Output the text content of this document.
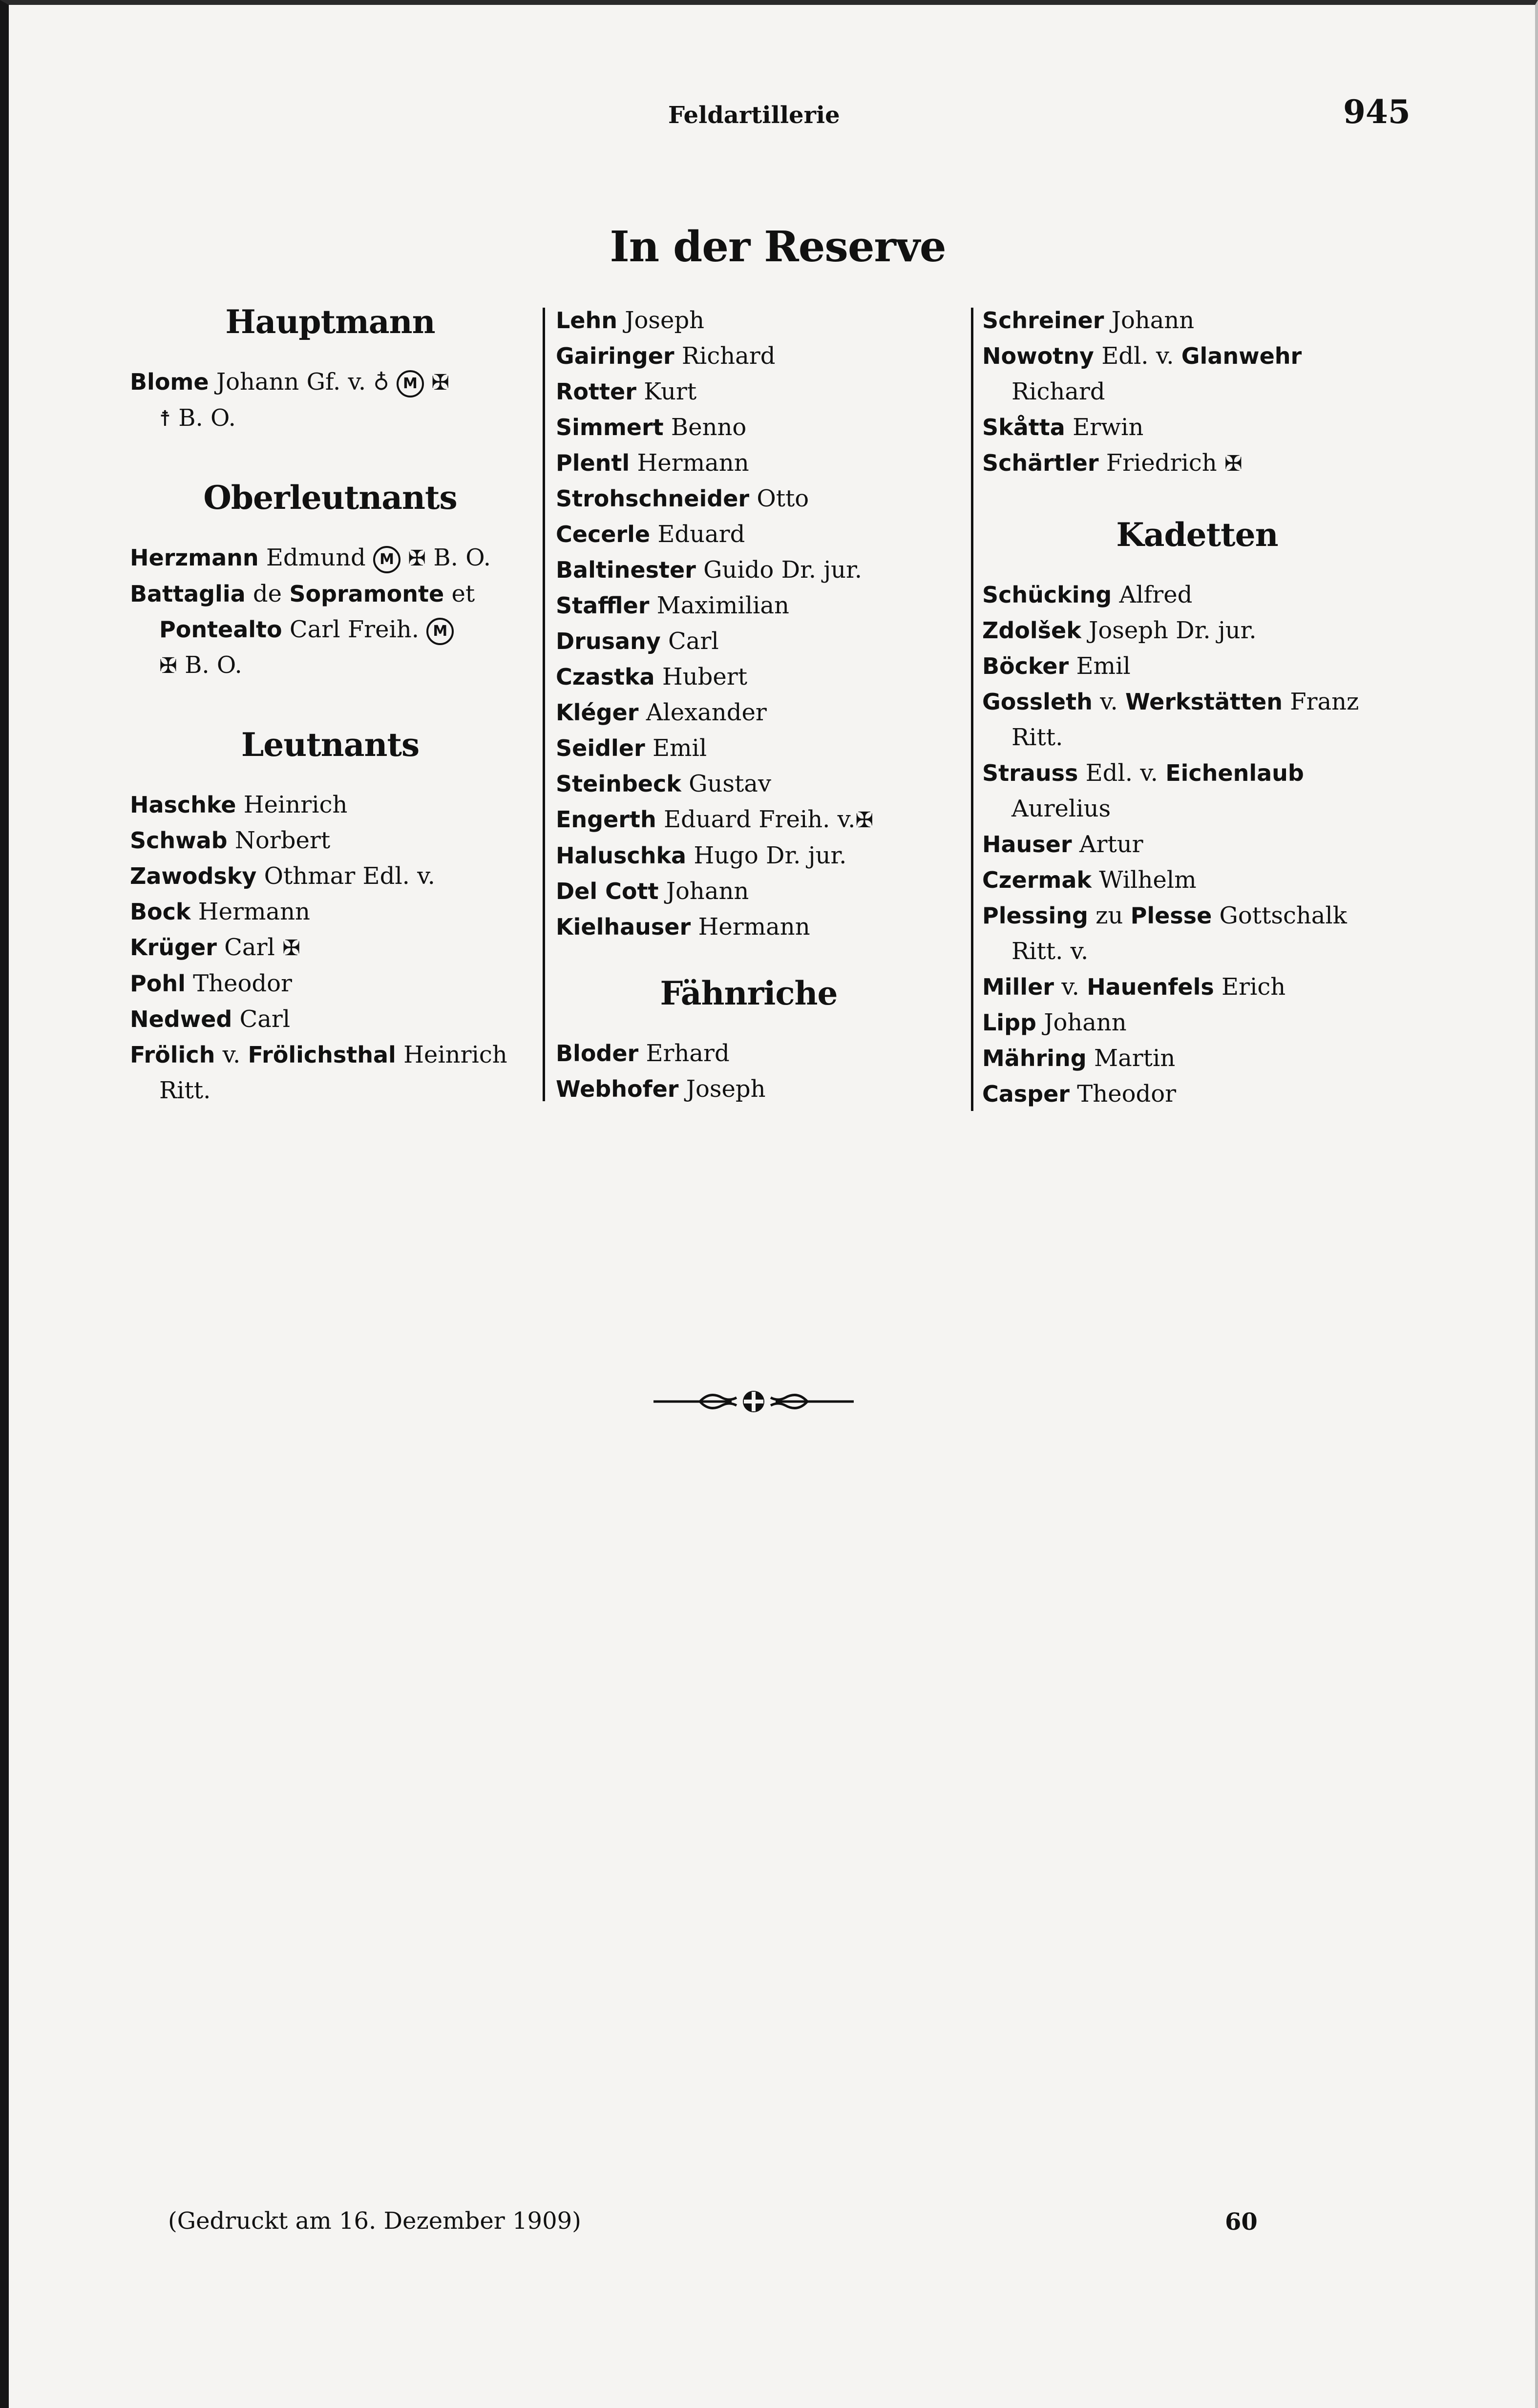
Feldartillerie	945
In der Reserve
Hauptmann
Blome Johann Gf. v. ♁ M ✠
☨ B. O.
Oberleutnants
Herzmann Edmund M ✠ B. O.
Battaglia de Sopramonte et
Pontealto Carl Freih. M
✠ B. O.
Leutnants
Haschke Heinrich
Schwab Norbert
Zawodsky Othmar Edl. v.
Bock Hermann
Krüger Carl ✠
Pohl Theodor
Nedwed Carl
Frölich v. Frölichsthal Heinrich
Ritt.
Lehn Joseph
Gairinger Richard
Rotter Kurt
Simmert Benno
Plentl Hermann
Strohschneider Otto
Cecerle Eduard
Baltinester Guido Dr. jur.
Staffler Maximilian
Drusany Carl
Czastka Hubert
Kléger Alexander
Seidler Emil
Steinbeck Gustav
Engerth Eduard Freih. v.✠
Haluschka Hugo Dr. jur.
Del Cott Johann
Kielhauser Hermann
Fähnriche
Bloder Erhard
Webhofer Joseph
Schreiner Johann
Nowotny Edl. v. Glanwehr
Richard
Skåtta Erwin
Schärtler Friedrich ✠
Kadetten
Schücking Alfred
Zdolšek Joseph Dr. jur.
Böcker Emil
Gossleth v. Werkstätten Franz
Ritt.
Strauss Edl. v. Eichenlaub
Aurelius
Hauser Artur
Czermak Wilhelm
Plessing zu Plesse Gottschalk
Ritt. v.
Miller v. Hauenfels Erich
Lipp Johann
Mähring Martin
Casper Theodor
(Gedruckt am 16. Dezember 1909)	60
